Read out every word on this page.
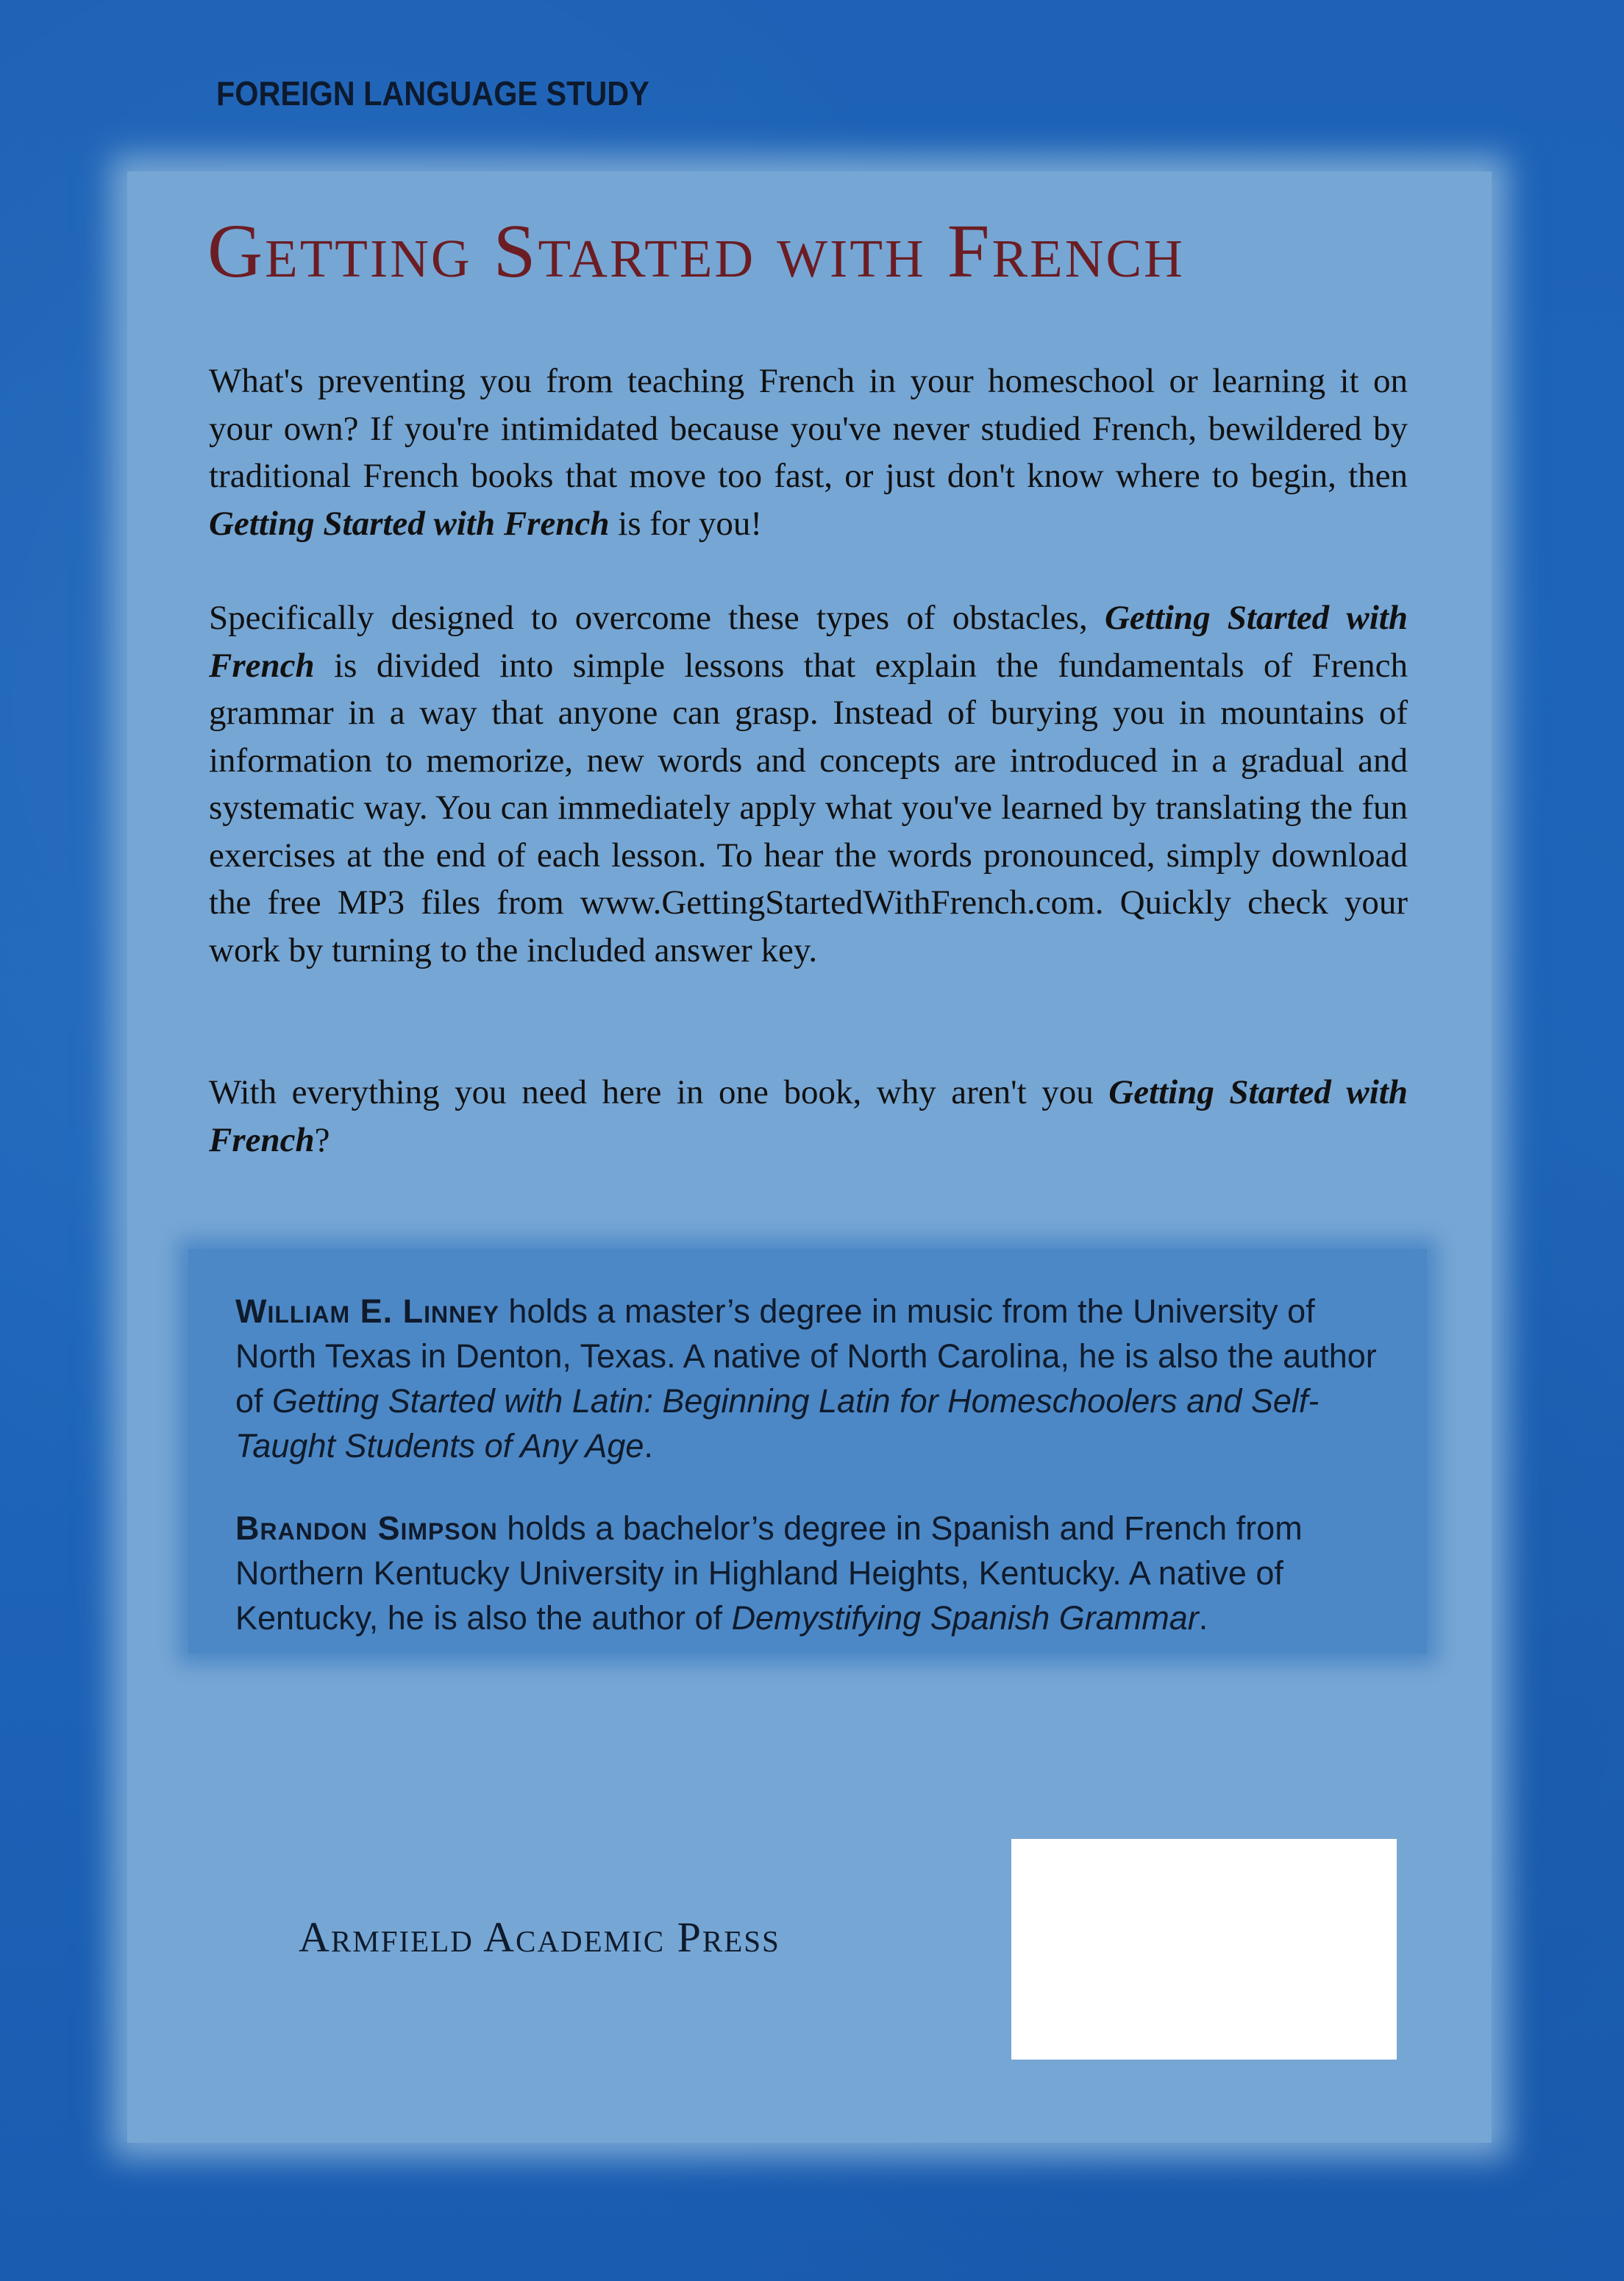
FOREIGN LANGUAGE STUDY
Getting Started with French

What's preventing you from teaching French in your homeschool or learning it on your own? If you're intimidated because you've never studied French, bewildered by traditional French books that move too fast, or just don't know where to begin, then Getting Started with French is for you!

Specifically designed to overcome these types of obstacles, Getting Started with French is divided into simple lessons that explain the fundamentals of French grammar in a way that anyone can grasp. Instead of burying you in mountains of information to memorize, new words and concepts are introduced in a gradual and systematic way. You can immediately apply what you've learned by translating the fun exercises at the end of each lesson. To hear the words pronounced, simply download the free MP3 files from www.GettingStartedWithFrench.com. Quickly check your work by turning to the included answer key.

With everything you need here in one book, why aren't you Getting Started with French?

William E. Linney holds a master’s degree in music from the University of North Texas in Denton, Texas. A native of North Carolina, he is also the author of Getting Started with Latin: Beginning Latin for Homeschoolers and Self-Taught Students of Any Age.

Brandon Simpson holds a bachelor’s degree in Spanish and French from Northern Kentucky University in Highland Heights, Kentucky. A native of Kentucky, he is also the author of Demystifying Spanish Grammar.

Armfield Academic Press
